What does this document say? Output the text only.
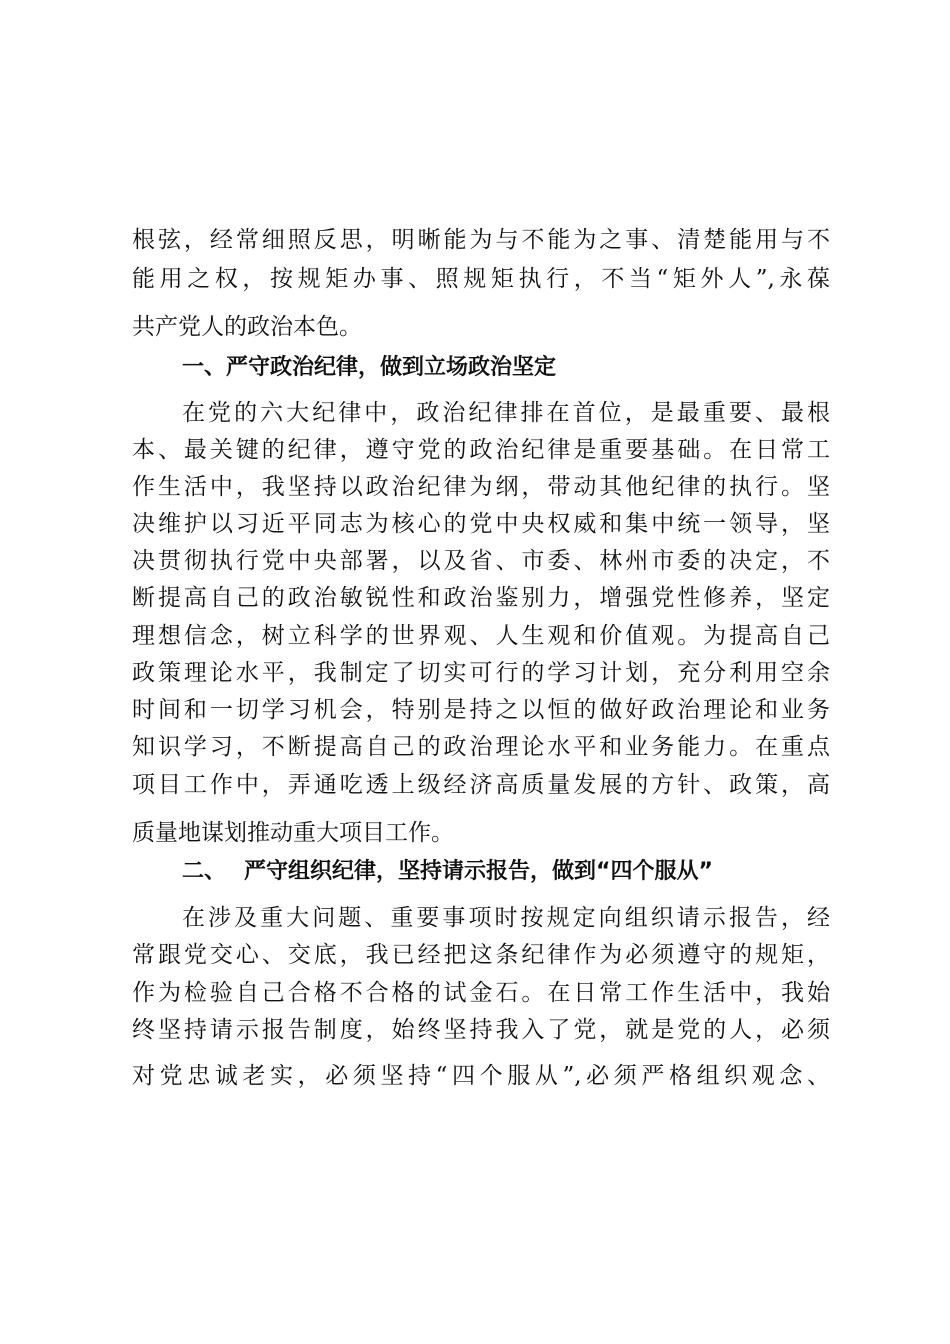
根弦，经常细照反思，明晰能为与不能为之事、清楚能用与不
能用之权，按规矩办事、照规矩执行，不当“矩外人”,永葆
共产党人的政治本色。
一、严守政治纪律，做到立场政治坚定
在党的六大纪律中，政治纪律排在首位，是最重要、最根
本、最关键的纪律，遵守党的政治纪律是重要基础。在日常工
作生活中，我坚持以政治纪律为纲，带动其他纪律的执行。坚
决维护以习近平同志为核心的党中央权威和集中统一领导，坚
决贯彻执行党中央部署，以及省、市委、林州市委的决定，不
断提高自己的政治敏锐性和政治鉴别力，增强党性修养，坚定
理想信念，树立科学的世界观、人生观和价值观。为提高自己
政策理论水平，我制定了切实可行的学习计划，充分利用空余
时间和一切学习机会，特别是持之以恒的做好政治理论和业务
知识学习，不断提高自己的政治理论水平和业务能力。在重点
项目工作中，弄通吃透上级经济高质量发展的方针、政策，高
质量地谋划推动重大项目工作。
二、 严守组织纪律，坚持请示报告，做到“四个服从”
在涉及重大问题、重要事项时按规定向组织请示报告，经
常跟党交心、交底，我已经把这条纪律作为必须遵守的规矩，
作为检验自己合格不合格的试金石。在日常工作生活中，我始
终坚持请示报告制度，始终坚持我入了党，就是党的人，必须
对党忠诚老实，必须坚持“四个服从”,必须严格组织观念、
